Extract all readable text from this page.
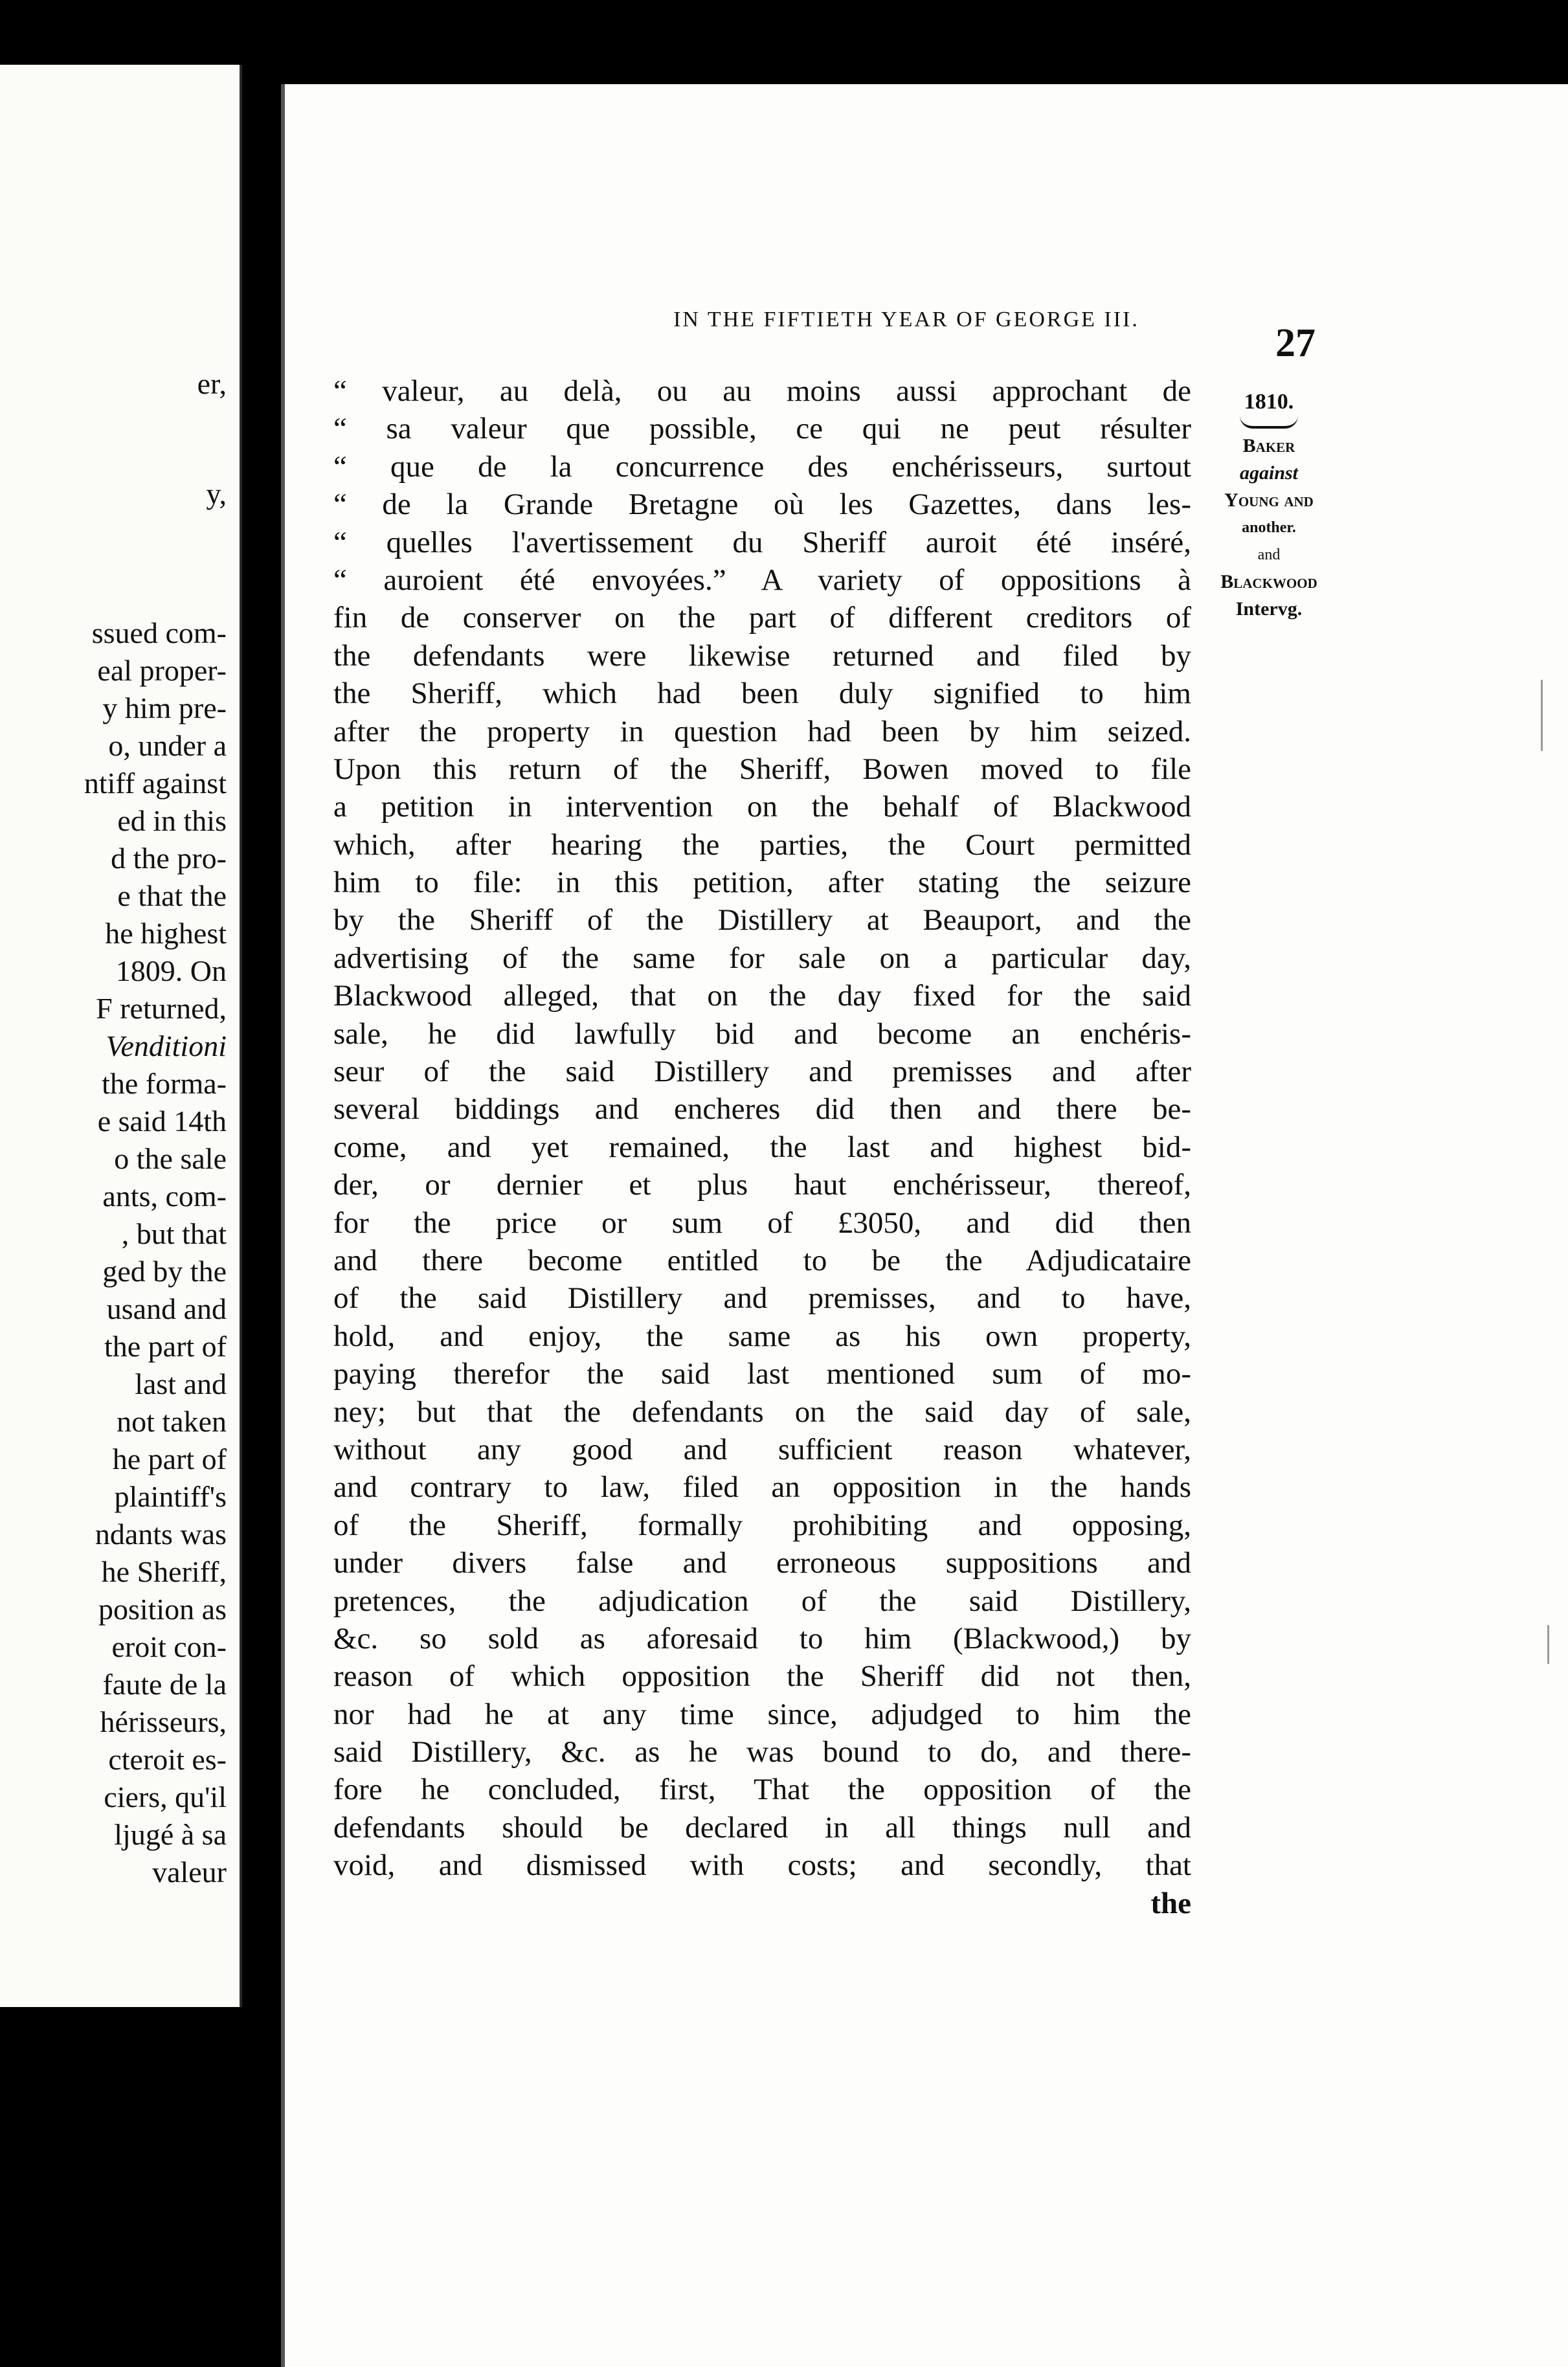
er,
y,
ssued com-
eal proper-
y him pre-
o, under a
ntiff against
ed in this
d the pro-
e that the
he highest
1809. On
F returned,
Venditioni
the forma-
e said 14th
o the sale
ants, com-
, but that
ged by the
usand and
the part of
last and
not taken
he part of
plaintiff's
ndants was
he Sheriff,
position as
eroit con-
faute de la
hérisseurs,
cteroit es-
ciers, qu'il
ljugé à sa
valeur
IN THE FIFTIETH YEAR OF GEORGE III.
27
1810.
Baker
against
Young and
another.
and
Blackwood
Intervg.
“ valeur, au delà, ou au moins aussi approchant de
“ sa valeur que possible, ce qui ne peut résulter
“ que de la concurrence des enchérisseurs, surtout
“ de la Grande Bretagne où les Gazettes, dans les-
“ quelles l'avertissement du Sheriff auroit été inséré,
“ auroient été envoyées.” A variety of oppositions à
fin de conserver on the part of different creditors of
the defendants were likewise returned and filed by
the Sheriff, which had been duly signified to him
after the property in question had been by him seized.
Upon this return of the Sheriff, Bowen moved to file
a petition in intervention on the behalf of Blackwood
which, after hearing the parties, the Court permitted
him to file: in this petition, after stating the seizure
by the Sheriff of the Distillery at Beauport, and the
advertising of the same for sale on a particular day,
Blackwood alleged, that on the day fixed for the said
sale, he did lawfully bid and become an enchéris-
seur of the said Distillery and premisses and after
several biddings and encheres did then and there be-
come, and yet remained, the last and highest bid-
der, or dernier et plus haut enchérisseur, thereof,
for the price or sum of £3050, and did then
and there become entitled to be the Adjudicataire
of the said Distillery and premisses, and to have,
hold, and enjoy, the same as his own property,
paying therefor the said last mentioned sum of mo-
ney; but that the defendants on the said day of sale,
without any good and sufficient reason whatever,
and contrary to law, filed an opposition in the hands
of the Sheriff, formally prohibiting and opposing,
under divers false and erroneous suppositions and
pretences, the adjudication of the said Distillery,
&c. so sold as aforesaid to him (Blackwood,) by
reason of which opposition the Sheriff did not then,
nor had he at any time since, adjudged to him the
said Distillery, &c. as he was bound to do, and there-
fore he concluded, first, That the opposition of the
defendants should be declared in all things null and
void, and dismissed with costs; and secondly, that
the
